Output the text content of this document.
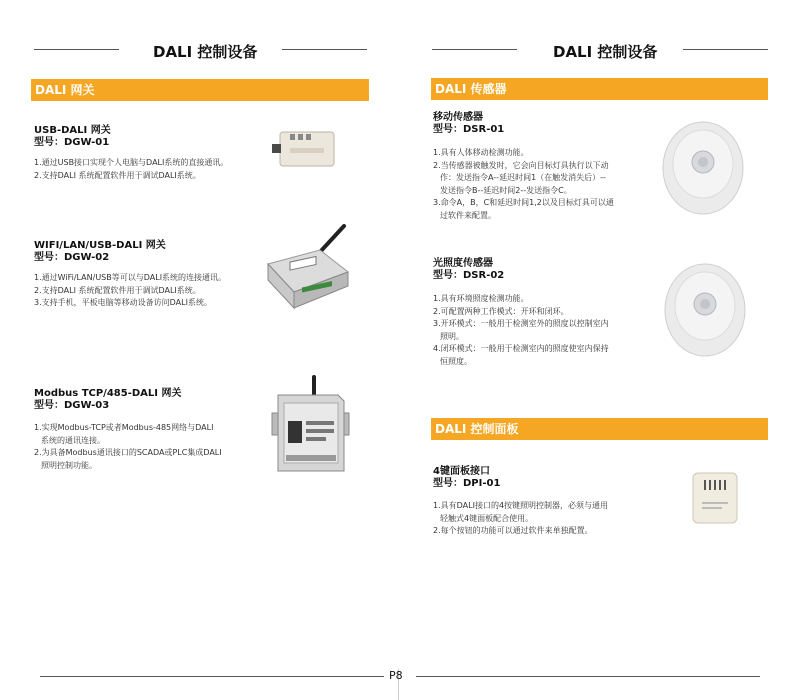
DALI 控制设备
DALI 网关
USB-DALI 网关
型号：DGW-01
1.通过USB接口实现个人电脑与DALI系统的直接通讯。
2.支持DALI 系统配置软件用于调试DALI系统。
WIFI/LAN/USB-DALI 网关
型号：DGW-02
1.通过WiFi/LAN/USB等可以与DALI系统的连接通讯。
2.支持DALI 系统配置软件用于调试DALI系统。
3.支持手机，平板电脑等移动设备访问DALI系统。
Modbus TCP/485-DALI 网关
型号：DGW-03
1.实现Modbus-TCP或者Modbus-485网络与DALI
系统的通讯连接。
2.为具备Modbus通讯接口的SCADA或PLC集成DALI
照明控制功能。
DALI 控制设备
DALI 传感器
移动传感器
型号：DSR-01
1.具有人体移动检测功能。
2.当传感器被触发时，它会向目标灯具执行以下动
作：发送指令A--延迟时间1（在触发消失后）--
发送指令B--延迟时间2--发送指令C。
3.命令A，B，C和延迟时间1,2以及目标灯具可以通
过软件来配置。
光照度传感器
型号：DSR-02
1.具有环境照度检测功能。
2.可配置两种工作模式：开环和闭环。
3.开环模式：一般用于检测室外的照度以控制室内
照明。
4.闭环模式：一般用于检测室内的照度使室内保持
恒照度。
DALI 控制面板
4键面板接口
型号：DPI-01
1.具有DALI接口的4按键照明控制器，必须与通用
轻触式4键面板配合使用。
2.每个按钮的功能可以通过软件来单独配置。
P8
